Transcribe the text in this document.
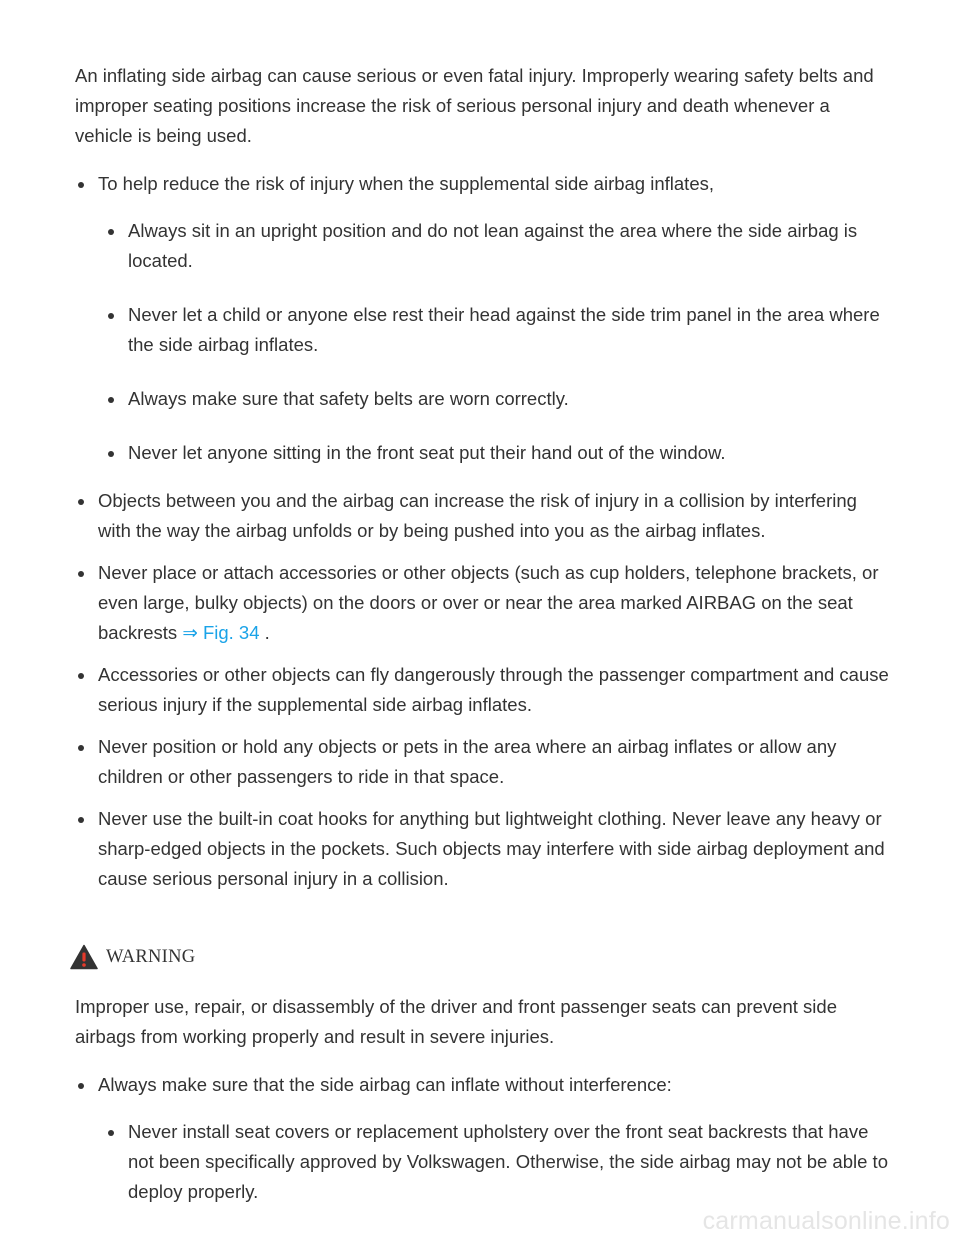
An inflating side airbag can cause serious or even fatal injury. Improperly wearing safety belts and improper seating positions increase the risk of serious personal injury and death whenever a vehicle is being used.

To help reduce the risk of injury when the supplemental side airbag inflates,
Always sit in an upright position and do not lean against the area where the side airbag is located.
Never let a child or anyone else rest their head against the side trim panel in the area where the side airbag inflates.
Always make sure that safety belts are worn correctly.
Never let anyone sitting in the front seat put their hand out of the window.
Objects between you and the airbag can increase the risk of injury in a collision by interfering with the way the airbag unfolds or by being pushed into you as the airbag inflates.
Never place or attach accessories or other objects (such as cup holders, telephone brackets, or even large, bulky objects) on the doors or over or near the area marked AIRBAG on the seat backrests ⇒ Fig. 34 .
Accessories or other objects can fly dangerously through the passenger compartment and cause serious injury if the supplemental side airbag inflates.
Never position or hold any objects or pets in the area where an airbag inflates or allow any children or other passengers to ride in that space.
Never use the built-in coat hooks for anything but lightweight clothing. Never leave any heavy or sharp-edged objects in the pockets. Such objects may interfere with side airbag deployment and cause serious personal injury in a collision.
WARNING

Improper use, repair, or disassembly of the driver and front passenger seats can prevent side airbags from working properly and result in severe injuries.

Always make sure that the side airbag can inflate without interference:
Never install seat covers or replacement upholstery over the front seat backrests that have not been specifically approved by Volkswagen. Otherwise, the side airbag may not be able to deploy properly.
carmanualsonline.info
